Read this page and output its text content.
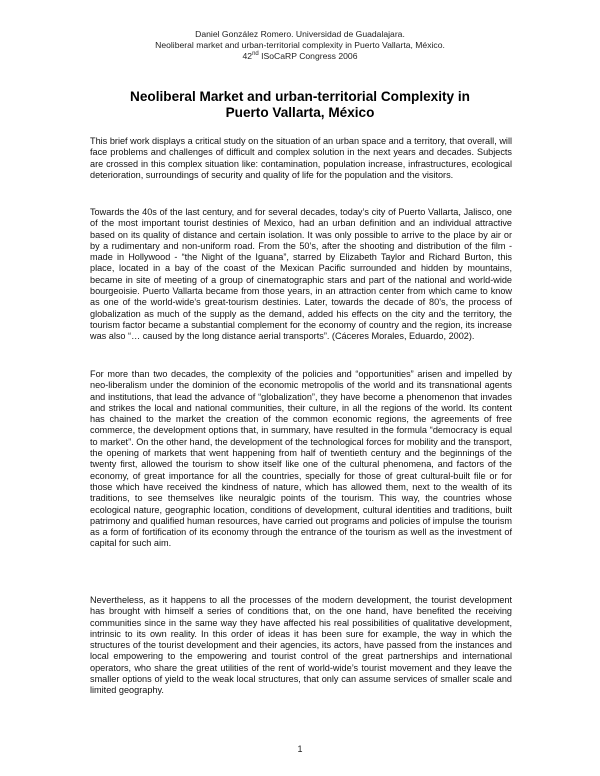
Daniel González Romero. Universidad de Guadalajara.
Neoliberal market and urban-territorial complexity in Puerto Vallarta, México.
42nd ISoCaRP Congress 2006
Neoliberal Market and urban-territorial Complexity in Puerto Vallarta, México

This brief work displays a critical study on the situation of an urban space and a territory, that overall, will face problems and challenges of difficult and complex solution in the next years and decades. Subjects are crossed in this complex situation like: contamination, population increase, infrastructures, ecological deterioration, surroundings of security and quality of life for the population and the visitors.

Towards the 40s of the last century, and for several decades, today’s city of Puerto Vallarta, Jalisco, one of the most important tourist destinies of Mexico, had an urban definition and an individual attractive based on its quality of distance and certain isolation. It was only possible to arrive to the place by air or by a rudimentary and non-uniform road. From the 50’s, after the shooting and distribution of the film - made in Hollywood - “the Night of the Iguana”, starred by Elizabeth Taylor and Richard Burton, this place, located in a bay of the coast of the Mexican Pacific surrounded and hidden by mountains, became in site of meeting of a group of cinematographic stars and part of the national and world-wide bourgeoisie. Puerto Vallarta became from those years, in an attraction center from which came to know as one of the world-wide’s great-tourism destinies. Later, towards the decade of 80’s, the process of globalization as much of the supply as the demand, added his effects on the city and the territory, the tourism factor became a substantial complement for the economy of country and the region, its increase was also “… caused by the long distance aerial transports”. (Cáceres Morales, Eduardo, 2002).

For more than two decades, the complexity of the policies and “opportunities” arisen and impelled by neo-liberalism under the dominion of the economic metropolis of the world and its transnational agents and institutions, that lead the advance of “globalization”, they have become a phenomenon that invades and strikes the local and national communities, their culture, in all the regions of the world. Its content has chained to the market the creation of the common economic regions, the agreements of free commerce, the development options that, in summary, have resulted in the formula “democracy is equal to market”. On the other hand, the development of the technological forces for mobility and the transport, the opening of markets that went happening from half of twentieth century and the beginnings of the twenty first, allowed the tourism to show itself like one of the cultural phenomena, and factors of the economy, of great importance for all the countries, specially for those of great cultural-built file or for those which have received the kindness of nature, which has allowed them, next to the wealth of its traditions, to see themselves like neuralgic points of the tourism. This way, the countries whose ecological nature, geographic location, conditions of development, cultural identities and traditions, built patrimony and qualified human resources, have carried out programs and policies of impulse the tourism as a form of fortification of its economy through the entrance of the tourism as well as the investment of capital for such aim.

Nevertheless, as it happens to all the processes of the modern development, the tourist development has brought with himself a series of conditions that, on the one hand, have benefited the receiving communities since in the same way they have affected his real possibilities of qualitative development, intrinsic to its own reality. In this order of ideas it has been sure for example, the way in which the structures of the tourist development and their agencies, its actors, have passed from the instances and local empowering to the empowering and tourist control of the great partnerships and international operators, who share the great utilities of the rent of world-wide’s tourist movement and they leave the smaller options of yield to the weak local structures, that only can assume services of smaller scale and limited geography.

1
